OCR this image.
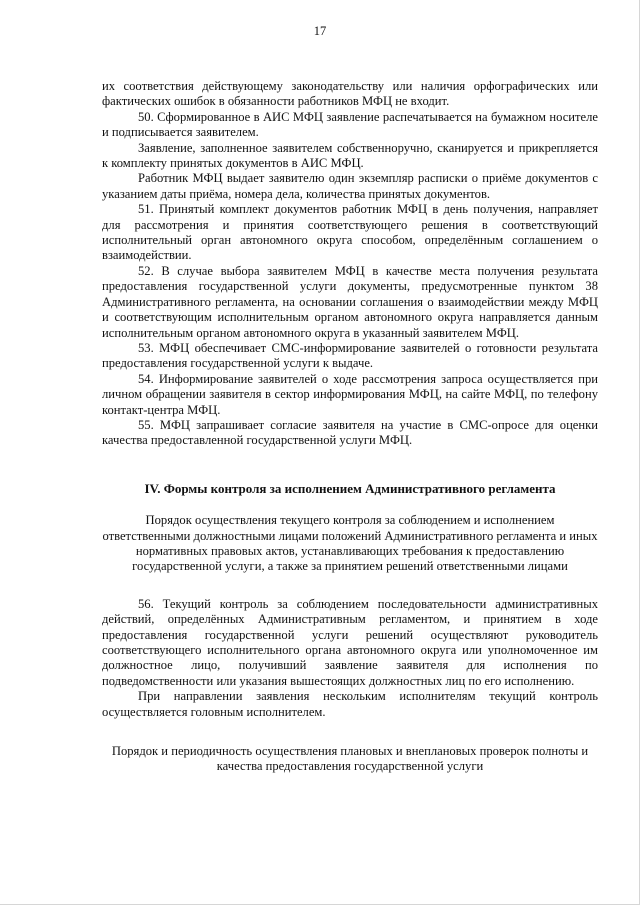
17

их соответствия действующему законодательству или наличия орфографических или фактических ошибок в обязанности работников МФЦ не входит.

50. Сформированное в АИС МФЦ заявление распечатывается на бумажном носителе и подписывается заявителем.

Заявление, заполненное заявителем собственноручно, сканируется и прикрепляется к комплекту принятых документов в АИС МФЦ.

Работник МФЦ выдает заявителю один экземпляр расписки о приёме документов с указанием даты приёма, номера дела, количества принятых документов.

51. Принятый комплект документов работник МФЦ в день получения, направляет для рассмотрения и принятия соответствующего решения в соответствующий исполнительный орган автономного округа способом, определённым соглашением о взаимодействии.

52. В случае выбора заявителем МФЦ в качестве места получения результата предоставления государственной услуги документы, предусмотренные пунктом 38 Административного регламента, на основании соглашения о взаимодействии между МФЦ и соответствующим исполнительным органом автономного округа направляется данным исполнительным органом автономного округа в указанный заявителем МФЦ.

53. МФЦ обеспечивает СМС-информирование заявителей о готовности результата предоставления государственной услуги к выдаче.

54. Информирование заявителей о ходе рассмотрения запроса осуществляется при личном обращении заявителя в сектор информирования МФЦ, на сайте МФЦ, по телефону контакт-центра МФЦ.

55. МФЦ запрашивает согласие заявителя на участие в СМС-опросе для оценки качества предоставленной государственной услуги МФЦ.

IV. Формы контроля за исполнением Административного регламента

Порядок осуществления текущего контроля за соблюдением и исполнением ответственными должностными лицами положений Административного регламента и иных нормативных правовых актов, устанавливающих требования к предоставлению государственной услуги, а также за принятием решений ответственными лицами

56. Текущий контроль за соблюдением последовательности административных действий, определённых Административным регламентом, и принятием в ходе предоставления государственной услуги решений осуществляют руководитель соответствующего исполнительного органа автономного округа или уполномоченное им должностное лицо, получивший заявление заявителя для исполнения по подведомственности или указания вышестоящих должностных лиц по его исполнению.

При направлении заявления нескольким исполнителям текущий контроль осуществляется головным исполнителем.

Порядок и периодичность осуществления плановых и внеплановых проверок полноты и качества предоставления государственной услуги
